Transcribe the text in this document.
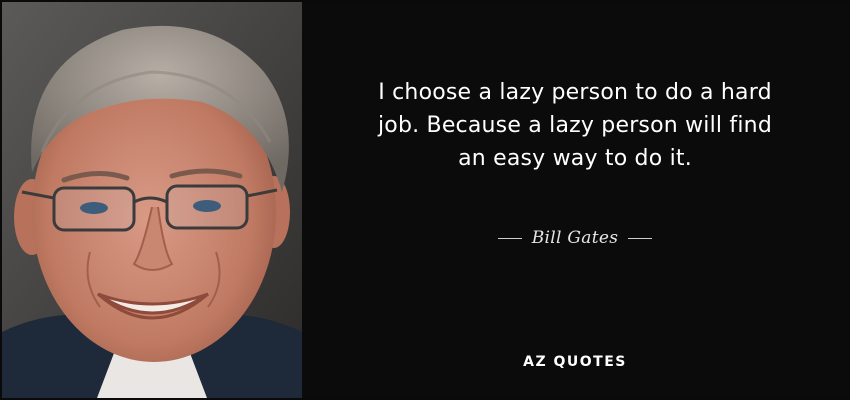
I choose a lazy person to do a hard
job. Because a lazy person will find
an easy way to do it.
Bill Gates
AZ QUOTES
